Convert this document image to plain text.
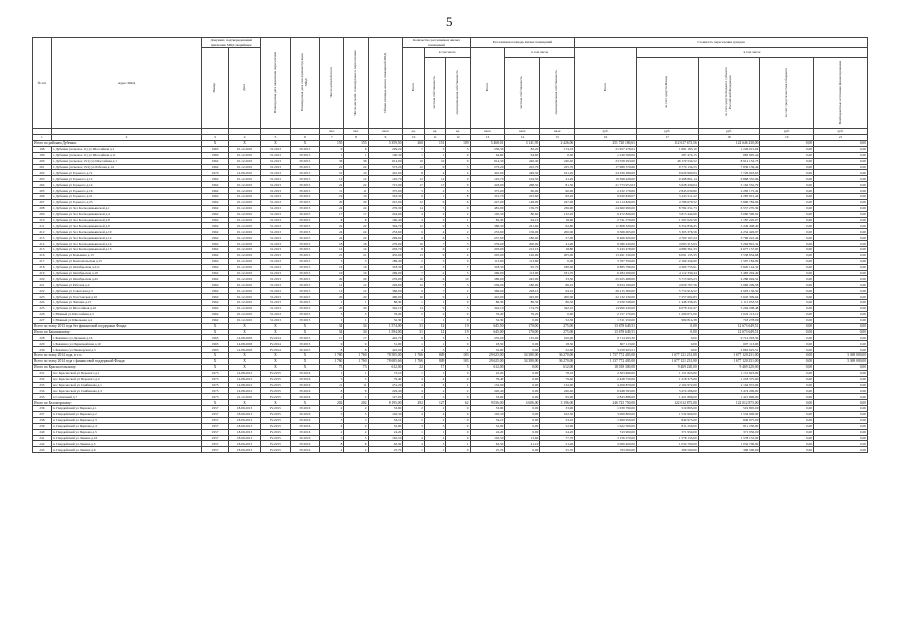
5
№ п/п	Адрес МКД	Документ, подтверждающий признание МКД аварийным		Планируемая дата окончания переселения	Планируемая дата сноса/реконструкции МКД	Число жителей всего	Число жителей, планируемых к переселению	Общая площадь жилых помещений МКД	Количество расселяемых жилых помещений			Расселяемая площадь жилых помещений			Стоимость переселения граждан				
		Номер	Дата						Всего	в том числе		Всего	в том числе		Всего	в том числе			
										частная собственность	муниципальная собственность		частная собственность	муниципальная собственность		за счет средств Фонда	за счет средств бюджета субъекта Российской Федерации	за счет средств местного бюджета	Внебюджетные источники финансирования
						чел.	чел.	кв.м	ед.	ед.	ед.	кв.м	кв.м	кв.м	руб.	руб.	руб.	руб.	руб.
1	2	3	4	5	6	7	8	9	10	11	12	13	14	15	16	17	18	19	21
Итого по районам Дубенки:		X	X	X	X	155	155	5 359,50	260	151	109	5 468,01	3 141,95	2 426,06	251 720 180,61	112 617 673,56	122 646 230,00	0,00	0,00
198	г. Дубенки (сельское 11) ул Шоссейная д.1	1963	01.12.2010	31.2013	IV.2015	6	6	229,22	7	2	5	256,30	82,20	174,10	21 957 276,61	1 681 183,10	1 226 015,04	0,00	0,00
199	г. Дубенки (сельское 11) ул Шоссейная д.11	1960	01.12.2010	31.2013	IV.2015	1	1	100,30	1	1	0	64,60	64,60	0,00	1 249 599,00	287 474,15	883 695,44	0,00	0,00
200	г. Дубенки (сельское 15/1) ул Шоссейная д.1	1962	01.12.2010	31.2013	IV.2015	36	36	614,90	10	10	0	614,30	240,40	240,40	23 558 293,00	46 179 534,52	8 914 152,73	0,00	0,00
201	г. Дубенки (сельское 15/2) ул Рабочая д.14	1962	01.12.2010	31.2013	IV.2015	22	22	573,20	12	9	3	573,20	225,70	225,70	17 989 379,60	9 770 134,55	7 839 139,44	0,00	0,00
202	г. Дубенки ул Горького д.7а	1970	14.09.2010	31.2013	IV.2015	10	10	410,00	8	4	4	410,00	249,50	161,20	24 356 289,00	9 629 990,93	7 726 903,63	0,00	0,00
203	г. Дубенки ул Горького д.12	1962	01.12.2010	31.2013	IV.2015	12	12	145,70	12	12	0	145,70	104,50	41,20	19 368 428,00	9 498 891,14	6 868 335,96	0,00	0,00
204	г. Дубенки ул Горького д.14	1962	01.12.2010	31.2013	IV.2015	22	22	715,00	17	17	0	418,00	268,50	81,50	21 773 972,03	5 628 439,04	5 162 532,79	0,00	0,00
205	г. Дубенки ул Горького д.16	1962	01.12.2010	31.2013	IV.2015	11	11	375,00	5	2	3	375,00	60,00	60,00	2 232 179,00	2 845 030,80	2 283 175,42	0,00	0,00
206	г. Дубенки ул Горького д.21	1962	01.12.2010	31.2013	IV.2015	19	19	316,30	9	1	8	315,70	225,60	82,20	9 920 839,07	5 245 511,22	4 285 912,44	0,00	0,00
207	г. Дубенки ул Горького д.23	1962	01.12.2010	31.2013	IV.2015	20	20	247,00	12	6	6	247,00	148,00	247,00	12 114 826,00	4 786 679,52	3 896 784,96	0,00	0,00
208	г. Дубенки ул Зол Космодемьянской д.1	1962	01.12.2010	31.2013	IV.2015	24	24	276,30	14	5	9	481,00	139,70	236,90	24 660 999,00	8 782 231,73	6 557 270,39	0,00	0,00
209	г. Дубенки ул Зол Космодемьянской д.4	1962	01.12.2010	31.2013	IV.2015	17	17	244,60	4	2	2	105,30	80,60	132,20	6 472 826,00	3 813 444,99	3 060 590,02	0,00	0,00
210	г. Дубенки ул Зол Космодемьянской д.8	1962	01.12.2010	31.2013	IV.2015	8	8	160,40	4	3	1	82,30	64,10	18,40	2 741 579,00	1 597 022,56	1 187 220,07	0,00	0,00
211	г. Дубенки ул Зол Космодемьянской д.9	1962	01.12.2010	31.2013	IV.2015	22	22	394,70	12	9	3	386,30	241,60	92,80	11 808 329,00	6 354 836,45	5 249 408,40	0,00	0,00
212	г. Дубенки ул Зол Космодемьянской д.10	1962	01.12.2010	31.2013	IV.2015	24	24	253,60	6	4	2	253,60	156,00	200,00	9 366 005,00	5 303 376,56	4 254 426,97	0,00	0,00
213	г. Дубенки ул Зол Космодемьянской д.12	1962	01.12.2010	31.2013	IV.2015	22	22	299,62	9	6	3	237,00	180,00	57,00	8 466 620,00	4 700 197,24	3 766 222,44	0,00	0,00
214	г. Дубенки ул Зол Космодемьянской д.14	1962	01.12.2010	31.2013	IV.2015	18	18	279,00	10	7	3	279,00	200,00	41,90	6 580 430,00	4 065 315,63	3 264 891,32	0,00	0,00
215	г. Дубенки ул Зол Космодемьянской д.15	1962	01.12.2010	31.2013	IV.2015	14	14	203,70	8	6	2	203,00	212,16	18,80	5 243 478,00	4 689 361,33	4 677 137,95	0,00	0,00
216	г. Дубенки ул Кальмена д.13	1962	01.12.2010	31.2013	IV.2015	21	21	435,00	13	9	4	205,00	120,00	205,00	13 491 330,00	6 091 135,35	3 558 834,68	0,00	0,00
217	г. Дубенки ул Комсомольская д.15	1962	01.12.2010	31.2013	IV.2015	3	3	189,40	2	2	0	113,80	113,80	0,00	3 767 350,00	2 169 434,60	1 567 184,09	0,00	0,00
218	г. Дубенки ул Октябрьская д.21а	1962	01.12.2010	31.2013	IV.2015	16	16	318,30	10	3	7	318,30	95,70	180,00	6 885 796,00	4 360 735,61	3 820 144,32	0,00	0,00
219	г. Дубенки ул Октябрьская д.19	1962	01.12.2010	31.2013	IV.2015	19	19	269,00	7	2	5	269,00	113,00	181,70	6 284 290,00	4 112 339,44	3 483 294,40	0,00	0,00
220	г. Дубенки ул Октябрьская д.22	1962	01.12.2010	31.2013	IV.2015	20	20	276,00	16	6	10	286,00	245,00	33,50	25 025 488,00	5 715 903,23	4 286 094,52	0,00	0,00
221	г. Дубенки ул Рабочая д.2	1962	01.12.2010	31.2013	IV.2015	12	12	226,00	12	7	5	236,00	180,00	86,10	9 634 199,00	4 659 767,56	3 966 209,58	0,00	0,00
222	г. Дубенки ул Советская д.3	1962	01.12.2010	31.2013	IV.2015	12	12	366,00	9	7	2	366,00	228,10	64,10	26 215 300,00	5 774 916,52	4 903 136,50	0,00	0,00
223	г. Дубенки ул Толстовская д.10	1962	01.12.2010	31.2013	IV.2015	20	20	469,00	10	9	1	410,00	345,00	200,00	22 132 230,00	7 257 662,83	5 645 309,64	0,00	0,00
224	г. Дубенки ул Чапаева д.15	1962	01.12.2010	31.2013	IV.2015	1	1	86,30	1	1	0	86,30	86,30	86,30	2 030 528,00	1 448 336,45	1 111 053,55	0,00	0,00
225	г. Дубенки ул Шоссейная д.22	1962	01.12.2010	31.2013	IV.2015	20	20	342,10	14	9	5	342,10	174,70	342,10	14 990 430,00	6 078 341,97	5 294 208,48	0,00	0,00
226	г. Южный ул Шоссейная д.5	1962	01.12.2010	31.2013	IV.2015	3	3	76,20	2	2	0	76,20	76,20	0,00	2 157 170,00	1 209 071,00	1 022 113,12	0,00	0,00
227	г. Южный ул Школьная д.4	1962	01.12.2010	31.2013	IV.2015	1	1	52,30	1	1	0	52,30	0,00	52,30	1 531 250,00	999 814,38	718 278,99	0,00	0,00
Всего по этапу 2013 года без финансовой поддержки Фонда:		X	X	X	X	34	34	1 574,00	31	12	19	645,50	170,00	275,00	13 678 649,51	0,00	12 673 649,51	0,00	0,00
Итого по Бакшинскому:		X	X	X	X	34	34	1 594,00	31	12	19	645,00	170,00	275,00	13 678 649,51	0,00	12 673 649,51	0,00	0,00
228	г. Бакшино ул Дальняя д.16	1965	14.08.2003	IV.2014	IV.2015	17	17	422,70	6	3	3	235,00	135,00	100,00	9 714 293,30	0,00	9 714 293,30	0,00	0,00
229	г. Бакшино ул Первомайская д.10	1965	14.08.2003	IV.2014	IV.2015	9	9	31,00	1	1	0	18,50	0,00	18,50	607 113,00	0,00	607 113,00	0,00	0,00
230	г. Бакшино ул Пионерская д.5	1965	14.08.2003	IV.2014	IV.2015	8	8	416,00	4	3	1	52,00	0,00	52,00	3 259 623,51	0,00	2 863 625,51	0,00	0,00
Всего по этапу 2014 года, в т.ч.:		X	X	X	X	1 760	1 760	78 585,00	1 766	849	183	29 625,00	34 380,00	36 270,00	1 737 772 405,00	1 677 121 231,00	1 677 120 231,00	0,00	3 369 000,00
Всего по этапу 2014 года с финансовой поддержкой Фонда:		X	X	X	X	1 760	1 760	78 685,66	1 766	849	183	29 625,00	34 380,00	36 270,00	1 137 772 405,00	1 677 121 231,00	1 677 120 231,00	0,00	3 369 000,00
Итого по Красносельскому:		X	X	X	X	73	73	612,00	22	17	5	612,00	0,00	612,00	18 018 300,00	9 469 220,00	9 469 220,00	0,00	0,00
231	пос Красносвой ул Перового д.1	1975	14.08.2012	IV.2015	IV.2016	1	1	73,10	1	1	0	22,20	0,00	78,10	2 303 690,00	1 151 823,00	1 151 823,00	0,00	0,00
232	пос Красносвой ул Перового д.2	1975	14.08.2012	IV.2015	IV.2016	5	5	79,40	4	4	0	79,40	0,00	79,40	2 428 750,00	1 218 375,00	1 218 375,00	0,00	0,00
233	пос Красносвой ул Скибинова д.1	1975	14.08.2012	IV.2015	IV.2016	11	11	251,20	4	3	1	132,90	0,00	132,90	4 209 879,00	2 104 972,00	2 104 972,00	0,00	0,00
234	пос Красносвой ул Скибинова д.3	1975	14.08.2012	IV.2015	IV.2016	8	8	229,40	4	2	2	220,40	0,00	220,40	6 948 593,00	3 474 296,00	3 474 296,00	0,00	0,00
235	п Солнечный д.7	1975	21.12.2010	IV.2015	IV.2016	2	2	127,00	3	3	0	53,00	0,00	95,00	2 843 886,00	1 421 896,00	1 421 896,00	0,00	0,00
Итого по Беломорскому:		X	X	X	X	202	202	8 195,00	292	127	62	9 036,00	4 606,00	3 196,00	246 725 750,00	122 012 875,00	122 012 875,00	0,00	0,00
236	п. Гвардейский ул Первова д.1	1957	18.09.2013	IV.2015	IV.2016	2	2	33,90	2	2	0	33,90	0,00	33,90	1 039 790,00	519 895,00	519 895,00	0,00	0,00
237	п. Гвардейский ул Первова д.2	1957	18.09.2013	IV.2015	IV.2016	5	5	102,30	4	4	0	102,30	0,00	102,30	3 069 800,00	1 534 900,00	1 534 900,00	0,00	0,00
238	п. Гвардейский ул Первова д.3	1957	18.09.2013	IV.2015	IV.2016	3	3	54,10	2	2	0	54,10	0,00	54,10	1 699 950,00	849 975,00	849 975,00	0,00	0,00
239	п. Гвардейский ул Первова д.4	1957	18.09.2013	IV.2015	IV.2016	4	4	52,00	3	3	0	52,00	0,00	52,00	1 622 500,00	811 250,00	811 250,00	0,00	0,00
240	п. Гвардейский ул Первова д.5	1957	18.09.2013	IV.2015	IV.2016	2	2	24,20	1	1	0	24,20	0,00	24,20	743 900,00	371 950,00	371 950,00	0,00	0,00
241	п. Гвардейский ул Ленина д.16	1957	18.09.2013	IV.2015	IV.2016	5	5	102,50	4	4	0	102,50	13,60	77,70	3 156 270,00	1 578 135,00	1 578 135,00	0,00	0,00
242	п. Гвардейский ул Ленина д.5	1957	18.09.2013	IV.2015	IV.2016	8	8	62,50	4	3	1	62,50	41,10	21,40	2 069 400,00	1 034 700,00	1 034 700,00	0,00	0,00
243	п. Гвардейский ул Ленина д.6	1957	18.09.2013	IV.2015	IV.2016	2	2	25,70	1	1	0	25,70	0,00	25,70	793 000,00	396 500,00	396 500,00	0,00	0,00
